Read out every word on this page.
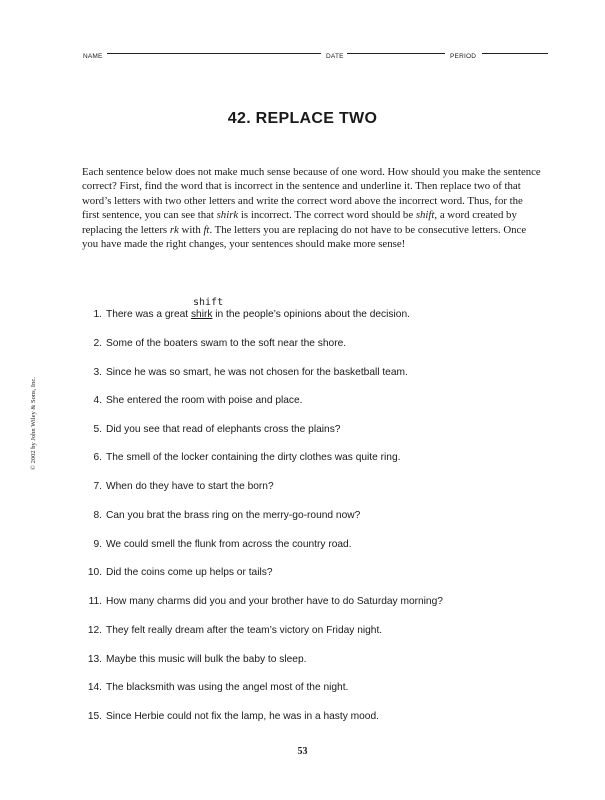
NAME	DATE	PERIOD
42. REPLACE TWO

Each sentence below does not make much sense because of one word. How should you make the sentence correct? First, find the word that is incorrect in the sentence and underline it. Then replace two of that word’s letters with two other letters and write the correct word above the incorrect word. Thus, for the first sentence, you can see that shirk is incorrect. The correct word should be shift, a word created by replacing the letters rk with ft. The letters you are replacing do not have to be consecutive letters. Once you have made the right changes, your sentences should make more sense!

© 2002 by John Wiley & Sons, Inc.
shift
1. There was a great shirk in the people’s opinions about the decision.
2. Some of the boaters swam to the soft near the shore.
3. Since he was so smart, he was not chosen for the basketball team.
4. She entered the room with poise and place.
5. Did you see that read of elephants cross the plains?
6. The smell of the locker containing the dirty clothes was quite ring.
7. When do they have to start the born?
8. Can you brat the brass ring on the merry-go-round now?
9. We could smell the flunk from across the country road.
10. Did the coins come up helps or tails?
11. How many charms did you and your brother have to do Saturday morning?
12. They felt really dream after the team’s victory on Friday night.
13. Maybe this music will bulk the baby to sleep.
14. The blacksmith was using the angel most of the night.
15. Since Herbie could not fix the lamp, he was in a hasty mood.
53
